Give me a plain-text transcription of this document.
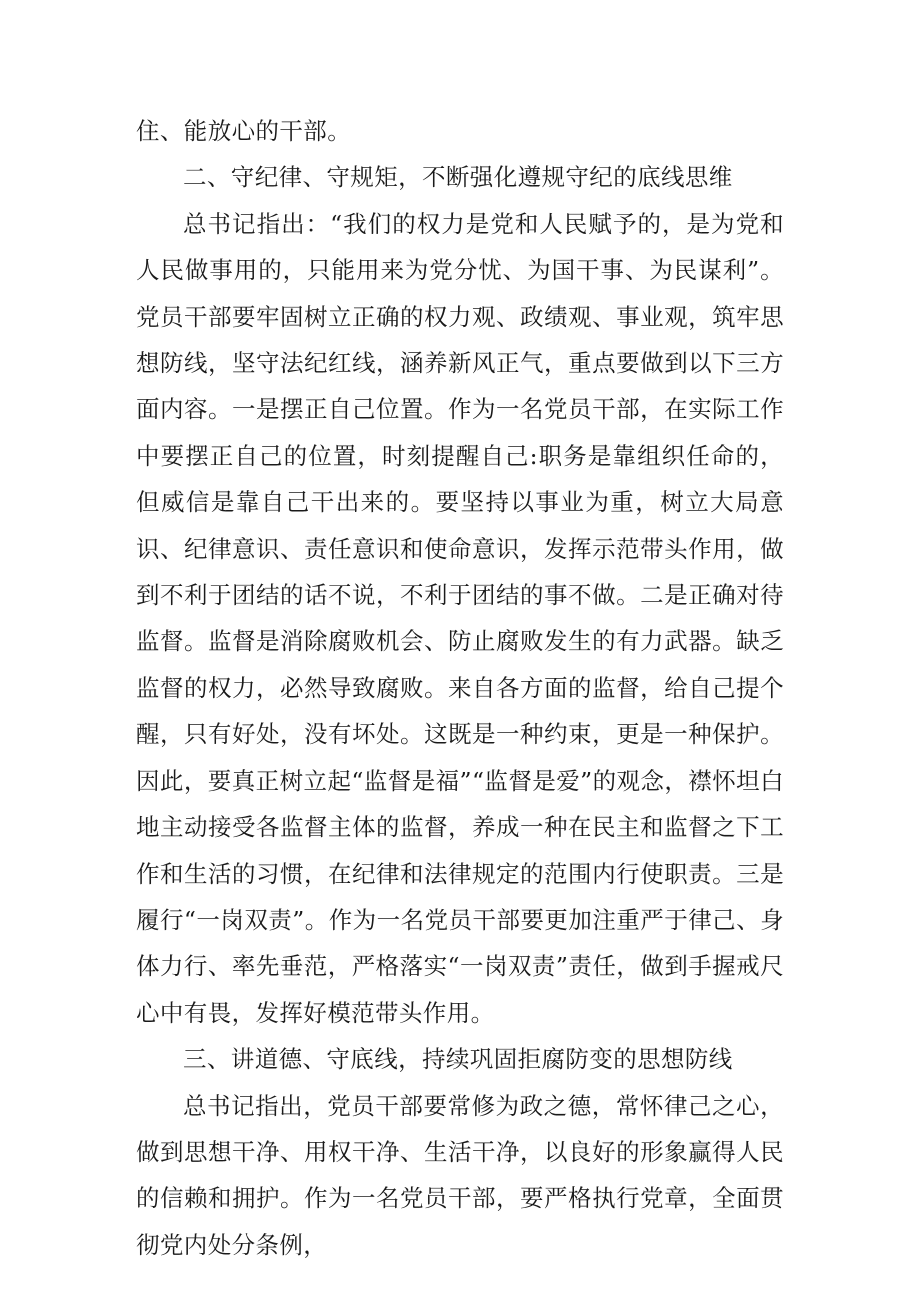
住、能放心的干部。

二、守纪律、守规矩，不断强化遵规守纪的底线思维

总书记指出：“我们的权力是党和人民赋予的，是为党和人民做事用的，只能用来为党分忧、为国干事、为民谋利”。党员干部要牢固树立正确的权力观、政绩观、事业观，筑牢思想防线，坚守法纪红线，涵养新风正气，重点要做到以下三方面内容。一是摆正自己位置。作为一名党员干部，在实际工作中要摆正自己的位置，时刻提醒自己:职务是靠组织任命的，但威信是靠自己干出来的。要坚持以事业为重，树立大局意识、纪律意识、责任意识和使命意识，发挥示范带头作用，做到不利于团结的话不说，不利于团结的事不做。二是正确对待监督。监督是消除腐败机会、防止腐败发生的有力武器。缺乏监督的权力，必然导致腐败。来自各方面的监督，给自己提个醒，只有好处，没有坏处。这既是一种约束，更是一种保护。因此，要真正树立起“监督是福”“监督是爱”的观念，襟怀坦白地主动接受各监督主体的监督，养成一种在民主和监督之下工作和生活的习惯，在纪律和法律规定的范围内行使职责。三是履行“一岗双责”。作为一名党员干部要更加注重严于律己、身体力行、率先垂范，严格落实“一岗双责”责任，做到手握戒尺心中有畏，发挥好模范带头作用。

三、讲道德、守底线，持续巩固拒腐防变的思想防线

总书记指出，党员干部要常修为政之德，常怀律己之心，做到思想干净、用权干净、生活干净，以良好的形象赢得人民的信赖和拥护。作为一名党员干部，要严格执行党章，全面贯彻党内处分条例，
